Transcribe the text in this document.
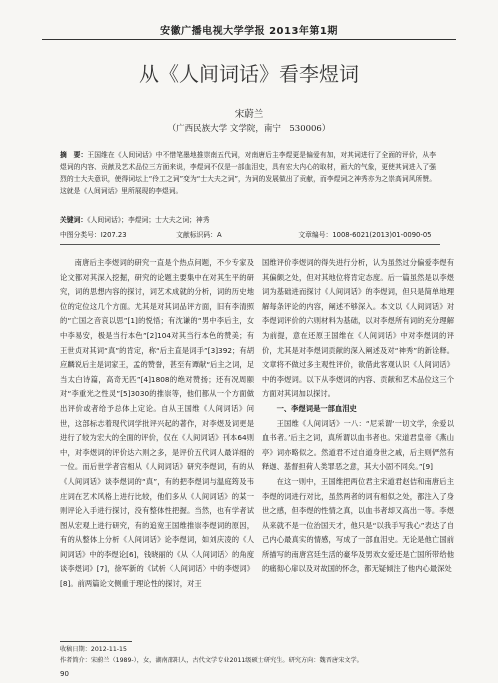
安徽广播电视大学学报 2013年第1期
从《人间词话》看李煜词
宋蔚兰
（广西民族大学 文学院，南宁　530006）
摘　要：王国维在《人间词话》中不惜笔墨地推崇南五代词，对南唐后主李煜更是偏爱有加，对其词进行了全面的评价，从李煜词的内容、贡献及艺术品位三方面来说，李煜词不仅是一部血泪史，具有宏大内心的取材，画大的气象，更使其词进入了强烈的士大夫意识，使得词坛上“伶工之词”变为“士大夫之词”，为词的发展做出了贡献，而李煜词之神秀亦为之崇高词风所赞。这就是《人间词话》里所展现的李煜词。
关键词：《人间词话》；李煜词；士大夫之词；神秀
中图分类号：I207.23	文献标识码：A	文章编号：1008-6021(2013)01-0090-05

南唐后主李煜词的研究一直是个热点问题，不少专家及论文都对其深入挖掘，研究的论题主要集中在对其生平的研究，词的思想内容的探讨，词艺术成就的分析，词的历史地位的定位这几个方面。尤其是对其词品评方面，旧有李清照的“亡国之音哀以思”[1]的悦悟；有沈谦的“男中李后主，女中李易安，极是当行本色”[2]104对其当行本色的赞美；有王世贞对其词“真”的肯定，称“后主直是词手”[3]392；有胡应麟说后主是词家王，孟的赞誉，甚至有谭献“后主之词，足当太白诗篇，高奇无匹”[4]1808的绝对赞扬；还有况周颐对“李重光之性灵”[5]3030的推崇等，他们都从一个方面做出评价或者给予总体上定论。自从王国维《人间词话》问世，这部标志着现代词学批评兴起的著作，对李煜及词更是进行了较为宏大的全面的评价，仅在《人间词话》刊本64则中，对李煜词的评价达六则之多，是评价五代词人最详细的一位。而后世学者宫相从《人间词话》研究李煜词，有的从《人间词话》谈李煜词的“真”，有的把李煜词与温庭筠及韦庄词在艺术风格上进行比较，他们多从《人间词话》的某一则评论入手进行探讨，没有整体性把握。当然，也有学者试图从宏观上进行研究，有的追宽王国维推崇李煜词的原因，有的从整体上分析《人间词话》论李煜词，如刘庆凌的《人间词话》中的李煜论[6]，钱晓丽的《从〈人间词话〉的角度谈李煜词》[7]，徐军新的《试析〈人间词话〉中的李煜词》[8]。前两篇论文侧重于理论性的探讨，对王

国维评价李煜词的得失进行分析，认为虽然过分偏爱李煜有其偏颇之处，但对其地位将肯定态度。后一篇虽然是以李煜词为基础进而探讨《人间词话》的李煜词，但只是简单地理解每条评论的内容，阐述不够深入。本文以《人间词话》对李煜词评价的六则材料为基础，以对李煜所有词的充分理解为前提，意在还原王国维在《人间词话》中对李煜词的评价，尤其是对李煜词贡献的深入阐述及对“神秀”的新诠释。文章将不做过多主观性评价，欲借此客观认识《人间词话》中的李煜词。以下从李煜词的内容、贡献和艺术品位这三个方面对其词加以探讨。

一、李煜词是一部血泪史

王国维《人间词话》一八：“尼采谓‘一切文学，余爱以血书者。’后主之词，真所谓以血书者也。宋道君皇帝《燕山亭》词亦略似之。然道君不过自道身世之戚，后主则俨然有释迦、基督担荷人类罪恶之意，其大小固不同矣。”[9]

在这一则中，王国维把两位君主宋道君赵佶和南唐后主李煜的词进行对比，虽然两者的词有相似之处，都注入了身世之感，但李煜的性情之真，以血书者却又高出一等。李煜从来就不是一位治国天才，他只是“以我手写我心”表达了自己内心最真实的情感，写成了一部血泪史。无论是他亡国前所描写的南唐宫廷生活的豪华及男欢女爱还是亡国所带给他的痛彻心扉以及对故国的怀念，都无疑倾注了他内心最深处

收稿日期：2012-11-15
作者简介：宋蔚兰（1989-），女，湖南邵阳人，古代文学专业2011级硕士研究生。研究方向：魏晋唐宋文学。
90
